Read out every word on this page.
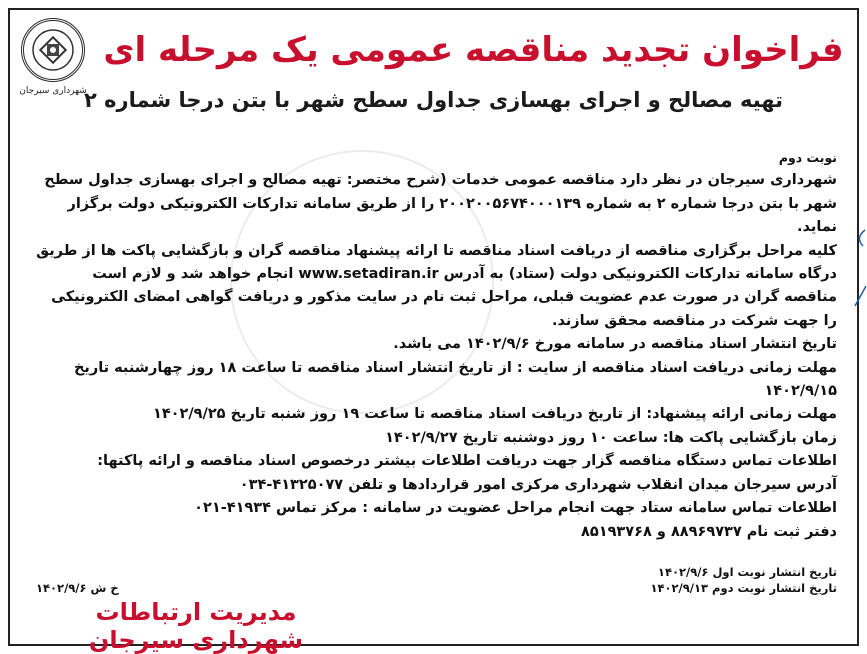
شهرداری سیرجان
فراخوان تجدید مناقصه عمومی یک مرحله ای
تهیه مصالح و اجرای بهسازی جداول سطح شهر با بتن درجا شماره ۲

نوبت دوم

شهرداری سیرجان در نظر دارد مناقصه عمومی خدمات (شرح مختصر: تهیه مصالح و اجرای بهسازی جداول سطح شهر با بتن درجا شماره ۲ به شماره ۲۰۰۲۰۰۵۶۷۴۰۰۰۱۳۹ را از طریق سامانه تدارکات الکترونیکی دولت برگزار نماید.

کلیه مراحل برگزاری مناقصه از دریافت اسناد مناقصه تا ارائه پیشنهاد مناقصه گران و بازگشایی پاکت ها از طریق درگاه سامانه تدارکات الکترونیکی دولت (ستاد) به آدرس www.setadiran.ir انجام خواهد شد و لازم است مناقصه گران در صورت عدم عضویت قبلی، مراحل ثبت نام در سایت مذکور و دریافت گواهی امضای الکترونیکی را جهت شرکت در مناقصه محقق سازند.

تاریخ انتشار اسناد مناقصه در سامانه مورخ ۱۴۰۲/۹/۶ می باشد.

مهلت زمانی دریافت اسناد مناقصه از سایت : از تاریخ انتشار اسناد مناقصه تا ساعت ۱۸ روز چهارشنبه تاریخ ۱۴۰۲/۹/۱۵

مهلت زمانی ارائه پیشنهاد: از تاریخ دریافت اسناد مناقصه تا ساعت ۱۹ روز شنبه تاریخ ۱۴۰۲/۹/۲۵

زمان بازگشایی پاکت ها: ساعت ۱۰ روز دوشنبه تاریخ ۱۴۰۲/۹/۲۷

اطلاعات تماس دستگاه مناقصه گزار جهت دریافت اطلاعات بیشتر درخصوص اسناد مناقصه و ارائه پاکتها:

آدرس سیرجان میدان انقلاب شهرداری مرکزی امور قراردادها و تلفن ۴۱۳۲۵۰۷۷-۰۳۴

اطلاعات تماس سامانه ستاد جهت انجام مراحل عضویت در سامانه : مرکز تماس ۴۱۹۳۴-۰۲۱

دفتر ثبت نام ۸۸۹۶۹۷۳۷ و ۸۵۱۹۳۷۶۸

تاریخ انتشار نوبت اول ۱۴۰۲/۹/۶
تاریخ انتشار نوبت دوم ۱۴۰۲/۹/۱۳
خ ش ۱۴۰۲/۹/۶
مدیریت ارتباطات شهرداری سیرجان
